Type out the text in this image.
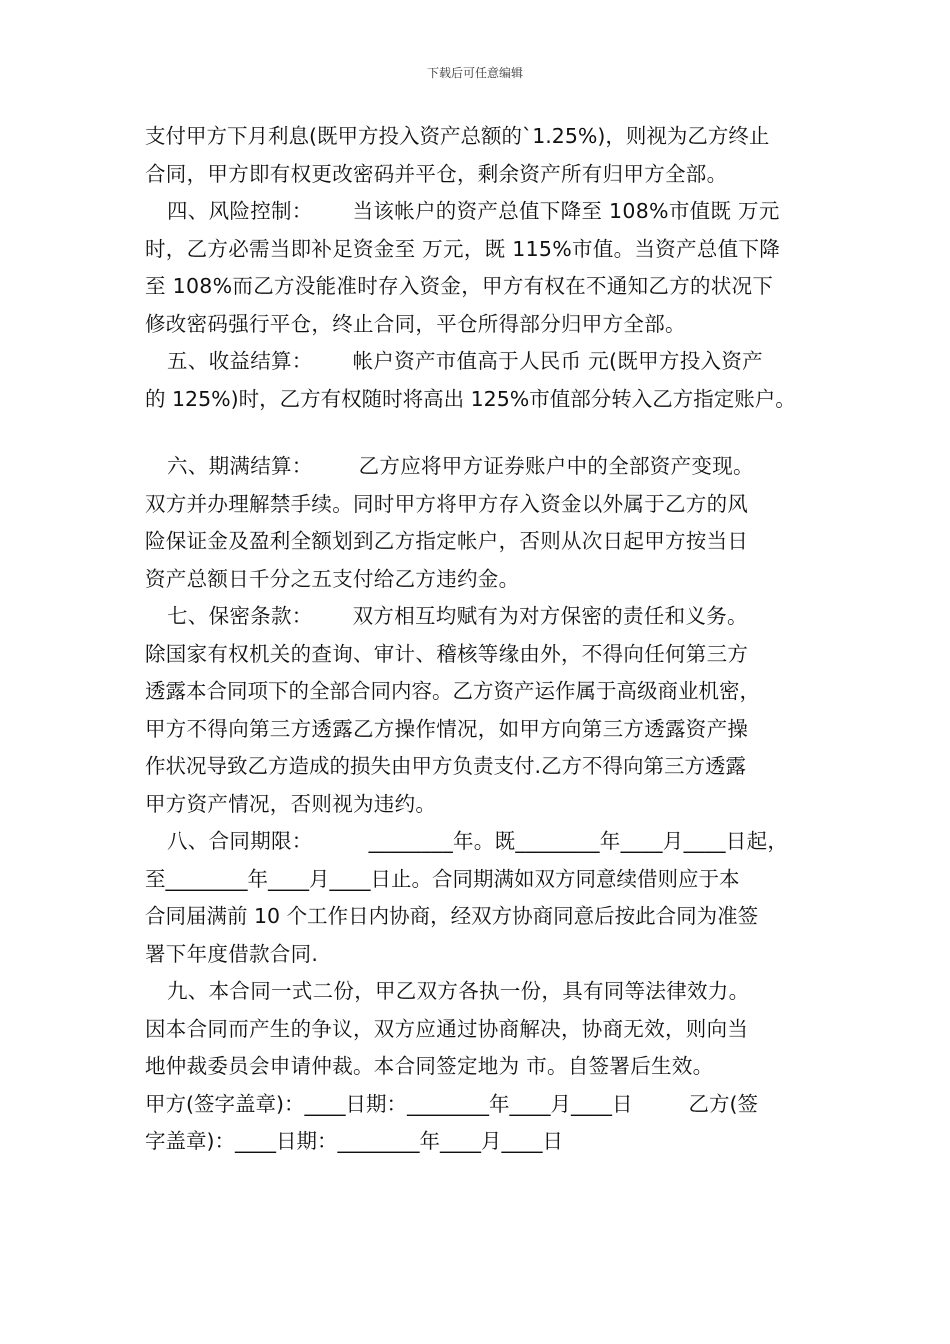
下载后可任意编辑
支付甲方下月利息(既甲方投入资产总额的`1.25%)，则视为乙方终止
合同，甲方即有权更改密码并平仓，剩余资产所有归甲方全部。
四、风险控制： 当该帐户的资产总值下降至 108%市值既 万元
时，乙方必需当即补足资金至 万元，既 115%市值。当资产总值下降
至 108%而乙方没能准时存入资金，甲方有权在不通知乙方的状况下
修改密码强行平仓，终止合同，平仓所得部分归甲方全部。
五、收益结算： 帐户资产市值高于人民币 元(既甲方投入资产
的 125%)时，乙方有权随时将高出 125%市值部分转入乙方指定账户。
六、期满结算： 乙方应将甲方证券账户中的全部资产变现。
双方并办理解禁手续。同时甲方将甲方存入资金以外属于乙方的风
险保证金及盈利全额划到乙方指定帐户，否则从次日起甲方按当日
资产总额日千分之五支付给乙方违约金。
七、保密条款： 双方相互均赋有为对方保密的责任和义务。
除国家有权机关的查询、审计、稽核等缘由外，不得向任何第三方
透露本合同项下的全部合同内容。乙方资产运作属于高级商业机密，
甲方不得向第三方透露乙方操作情况，如甲方向第三方透露资产操
作状况导致乙方造成的损失由甲方负责支付.乙方不得向第三方透露
甲方资产情况，否则视为违约。
八、合同期限：	________年。既________年____月____日起，
至________年____月____日止。合同期满如双方同意续借则应于本
合同届满前 10 个工作日内协商，经双方协商同意后按此合同为准签
署下年度借款合同.
九、本合同一式二份，甲乙双方各执一份，具有同等法律效力。
因本合同而产生的争议，双方应通过协商解决，协商无效，则向当
地仲裁委员会申请仲裁。本合同签定地为 市。自签署后生效。
甲方(签字盖章)：____日期：________年____月____日	乙方(签
字盖章)：____日期：________年____月____日
